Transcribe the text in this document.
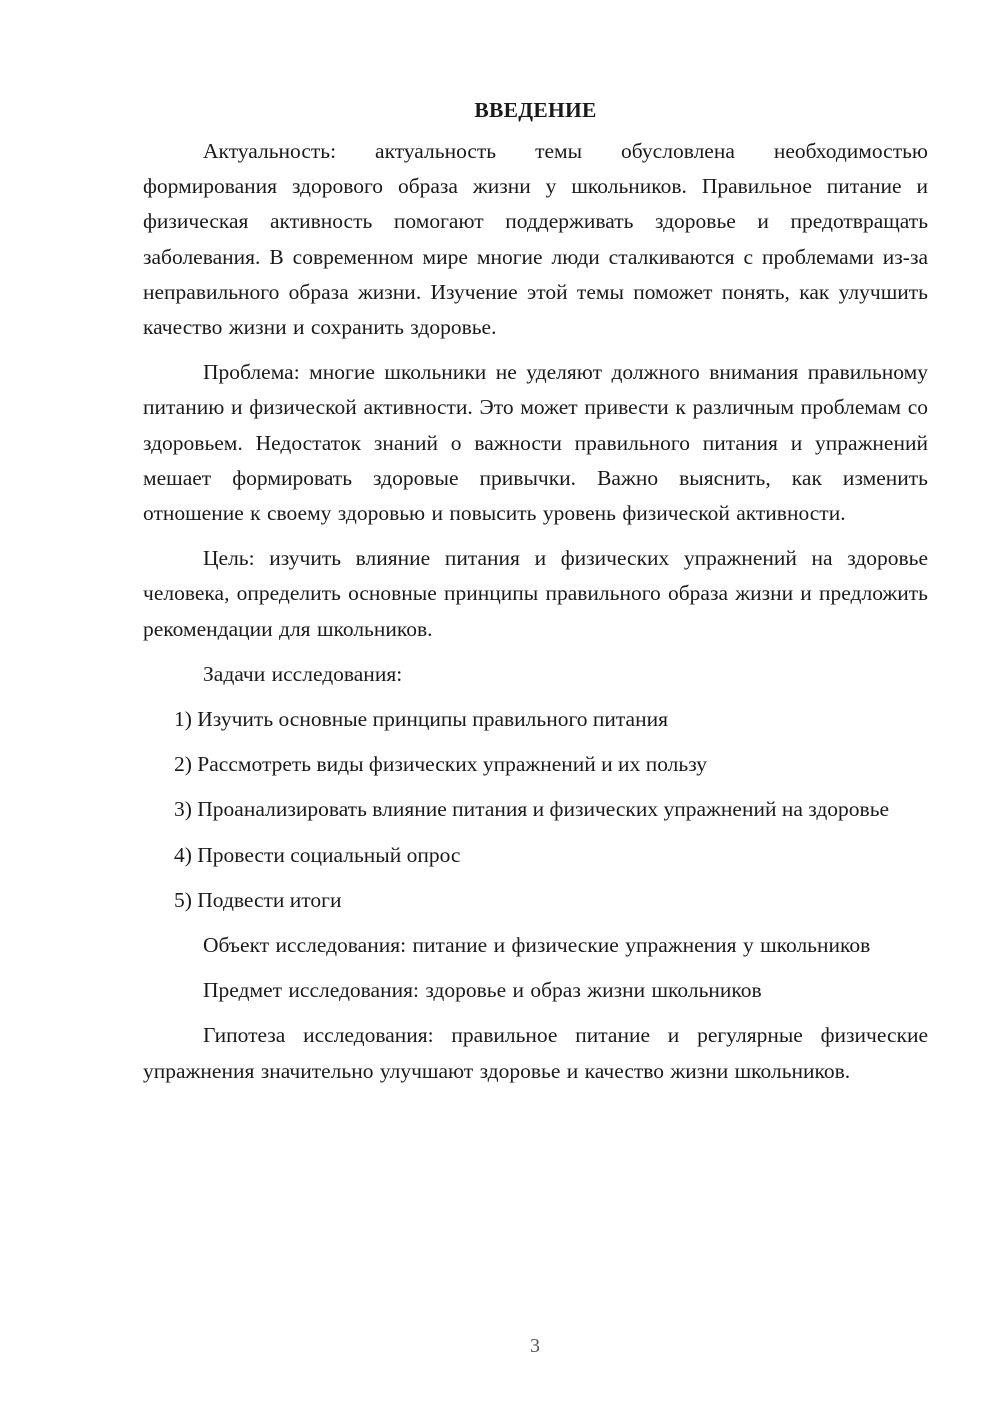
ВВЕДЕНИЕ

Актуальность: актуальность темы обусловлена необходимостью формирования здорового образа жизни у школьников. Правильное питание и физическая активность помогают поддерживать здоровье и предотвращать заболевания. В современном мире многие люди сталкиваются с проблемами из-за неправильного образа жизни. Изучение этой темы поможет понять, как улучшить качество жизни и сохранить здоровье.

Проблема: многие школьники не уделяют должного внимания правильному питанию и физической активности. Это может привести к различным проблемам со здоровьем. Недостаток знаний о важности правильного питания и упражнений мешает формировать здоровые привычки. Важно выяснить, как изменить отношение к своему здоровью и повысить уровень физической активности.

Цель: изучить влияние питания и физических упражнений на здоровье человека, определить основные принципы правильного образа жизни и предложить рекомендации для школьников.

Задачи исследования:

1) Изучить основные принципы правильного питания

2) Рассмотреть виды физических упражнений и их пользу

3) Проанализировать влияние питания и физических упражнений на здоровье

4) Провести социальный опрос

5) Подвести итоги

Объект исследования: питание и физические упражнения у школьников

Предмет исследования: здоровье и образ жизни школьников

Гипотеза исследования: правильное питание и регулярные физические упражнения значительно улучшают здоровье и качество жизни школьников.

3
